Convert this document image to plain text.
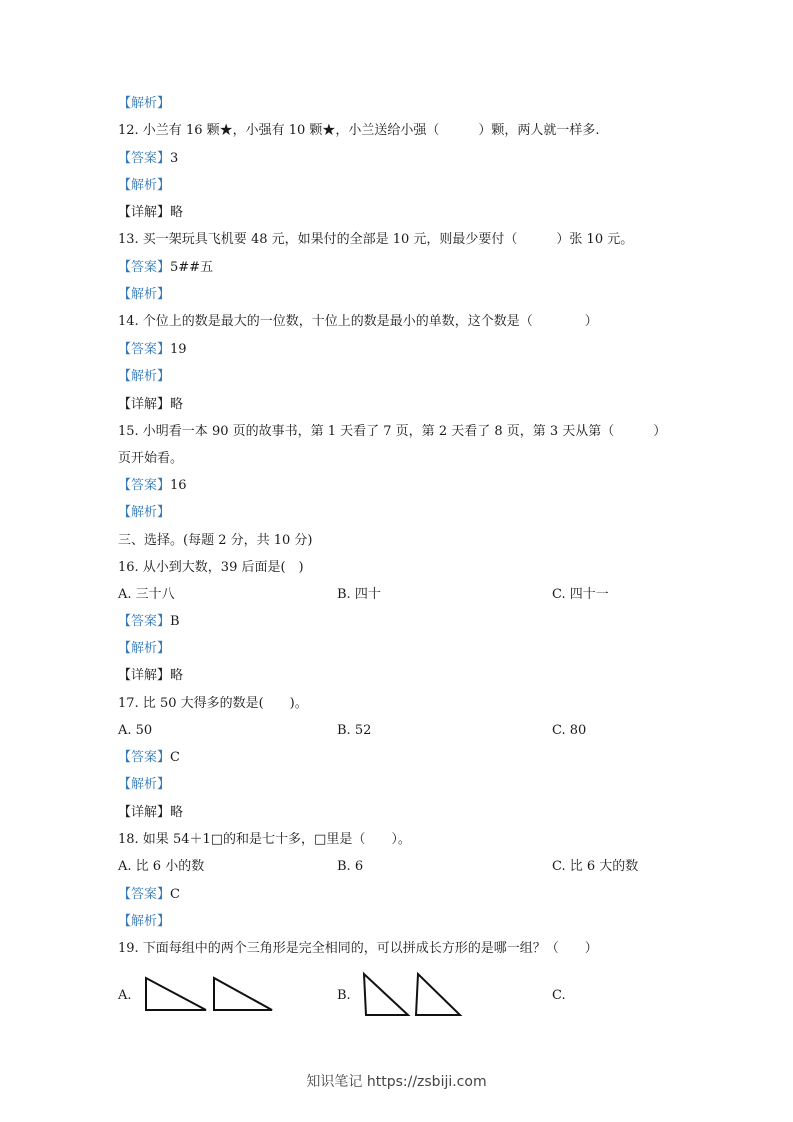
【解析】
12. 小兰有 16 颗★，小强有 10 颗★，小兰送给小强（　　　）颗，两人就一样多.
【答案】3
【解析】
【详解】略
13. 买一架玩具飞机要 48 元，如果付的全部是 10 元，则最少要付（　　　）张 10 元。
【答案】5##五
【解析】
14. 个位上的数是最大的一位数，十位上的数是最小的单数，这个数是（　　　　）
【答案】19
【解析】
【详解】略
15. 小明看一本 90 页的故事书，第 1 天看了 7 页，第 2 天看了 8 页，第 3 天从第（　　　）
页开始看。
【答案】16
【解析】
三、选择。(每题 2 分，共 10 分)
16. 从小到大数，39 后面是(　)
A. 三十八	B. 四十	C. 四十一
【答案】B
【解析】
【详解】略
17. 比 50 大得多的数是(　　)。
A. 50	B. 52	C. 80
【答案】C
【解析】
【详解】略
18. 如果 54＋1□的和是七十多，□里是（　　）。
A. 比 6 小的数	B. 6	C. 比 6 大的数
【答案】C
【解析】
19. 下面每组中的两个三角形是完全相同的，可以拼成长方形的是哪一组？（　　）
A.	B.	C.
知识笔记 https://zsbiji.com
